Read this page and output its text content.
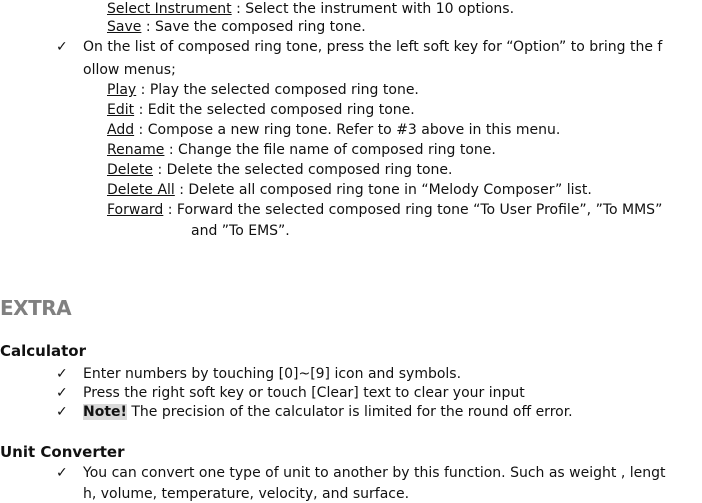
Select Instrument : Select the instrument with 10 options.
Save : Save the composed ring tone.
✓ On the list of composed ring tone, press the left soft key for “Option” to bring the f
ollow menus;
Play : Play the selected composed ring tone.
Edit : Edit the selected composed ring tone.
Add : Compose a new ring tone. Refer to #3 above in this menu.
Rename : Change the file name of composed ring tone.
Delete : Delete the selected composed ring tone.
Delete All : Delete all composed ring tone in “Melody Composer” list.
Forward : Forward the selected composed ring tone “To User Profile”, ”To MMS”
and ”To EMS”.
EXTRA
Calculator
✓ Enter numbers by touching [0]~[9] icon and symbols.
✓ Press the right soft key or touch [Clear] text to clear your input
✓ Note! The precision of the calculator is limited for the round off error.
Unit Converter
✓ You can convert one type of unit to another by this function. Such as weight , lengt
h, volume, temperature, velocity, and surface.
